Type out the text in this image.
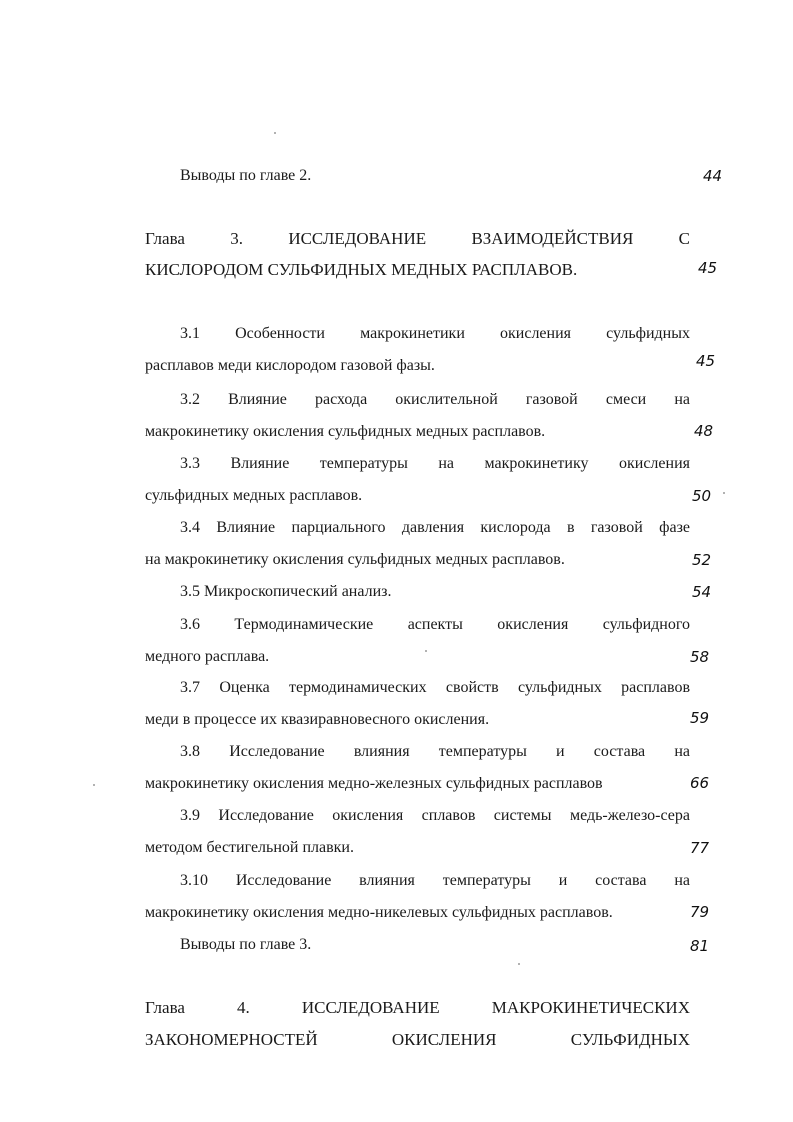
Выводы по главе 2.	44
Глава 3. ИССЛЕДОВАНИЕ ВЗАИМОДЕЙСТВИЯ С
КИСЛОРОДОМ СУЛЬФИДНЫХ МЕДНЫХ РАСПЛАВОВ.	45
3.1 Особенности макрокинетики окисления сульфидных
расплавов меди кислородом газовой фазы.	45
3.2 Влияние расхода окислительной газовой смеси на
макрокинетику окисления сульфидных медных расплавов.	48
3.3 Влияние температуры на макрокинетику окисления
сульфидных медных расплавов.	50
3.4 Влияние парциального давления кислорода в газовой фазе
на макрокинетику окисления сульфидных медных расплавов.	52
3.5 Микроскопический анализ.	54
3.6 Термодинамические аспекты окисления сульфидного
медного расплава.	58
3.7 Оценка термодинамических свойств сульфидных расплавов
меди в процессе их квазиравновесного окисления.	59
3.8 Исследование влияния температуры и состава на
макрокинетику окисления медно-железных сульфидных расплавов	66
3.9 Исследование окисления сплавов системы медь-железо-сера
методом бестигельной плавки.	77
3.10 Исследование влияния температуры и состава на
макрокинетику окисления медно-никелевых сульфидных расплавов.	79
Выводы по главе 3.	81
Глава 4. ИССЛЕДОВАНИЕ МАКРОКИНЕТИЧЕСКИХ
ЗАКОНОМЕРНОСТЕЙ ОКИСЛЕНИЯ СУЛЬФИДНЫХ
